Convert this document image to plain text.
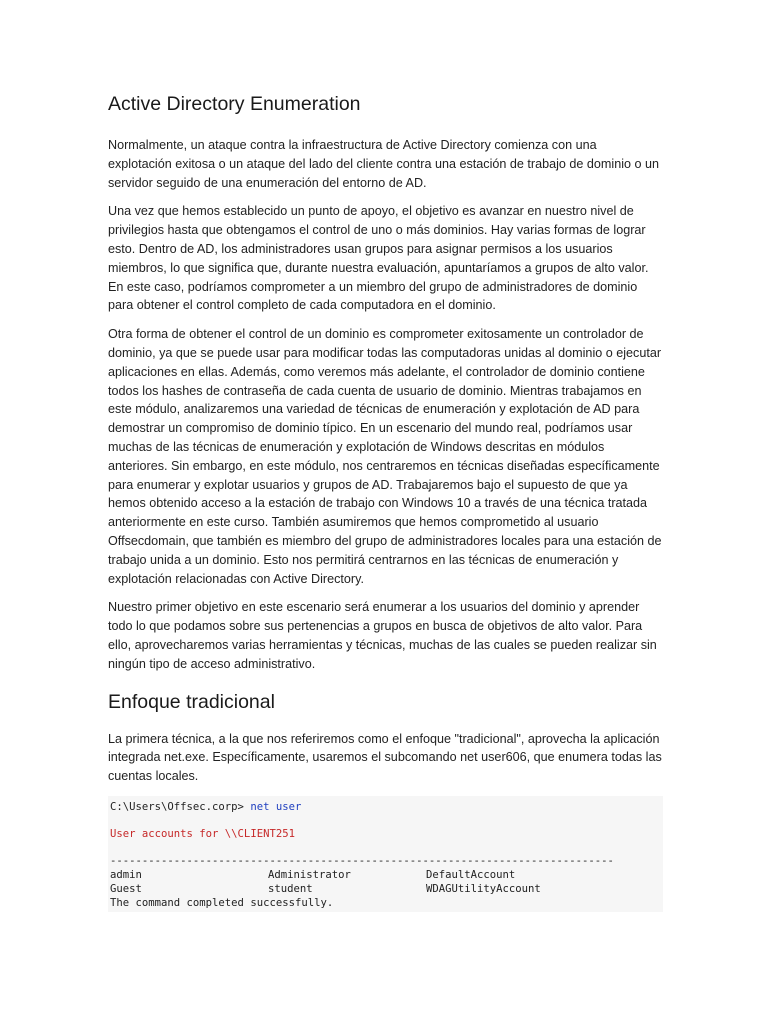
Active Directory Enumeration

Normalmente, un ataque contra la infraestructura de Active Directory comienza con una explotación exitosa o un ataque del lado del cliente contra una estación de trabajo de dominio o un servidor seguido de una enumeración del entorno de AD.

Una vez que hemos establecido un punto de apoyo, el objetivo es avanzar en nuestro nivel de privilegios hasta que obtengamos el control de uno o más dominios. Hay varias formas de lograr esto. Dentro de AD, los administradores usan grupos para asignar permisos a los usuarios miembros, lo que significa que, durante nuestra evaluación, apuntaríamos a grupos de alto valor. En este caso, podríamos comprometer a un miembro del grupo de administradores de dominio para obtener el control completo de cada computadora en el dominio.

Otra forma de obtener el control de un dominio es comprometer exitosamente un controlador de dominio, ya que se puede usar para modificar todas las computadoras unidas al dominio o ejecutar aplicaciones en ellas. Además, como veremos más adelante, el controlador de dominio contiene todos los hashes de contraseña de cada cuenta de usuario de dominio. Mientras trabajamos en este módulo, analizaremos una variedad de técnicas de enumeración y explotación de AD para demostrar un compromiso de dominio típico. En un escenario del mundo real, podríamos usar muchas de las técnicas de enumeración y explotación de Windows descritas en módulos anteriores. Sin embargo, en este módulo, nos centraremos en técnicas diseñadas específicamente para enumerar y explotar usuarios y grupos de AD. Trabajaremos bajo el supuesto de que ya hemos obtenido acceso a la estación de trabajo con Windows 10 a través de una técnica tratada anteriormente en este curso. También asumiremos que hemos comprometido al usuario Offsecdomain, que también es miembro del grupo de administradores locales para una estación de trabajo unida a un dominio. Esto nos permitirá centrarnos en las técnicas de enumeración y explotación relacionadas con Active Directory.

Nuestro primer objetivo en este escenario será enumerar a los usuarios del dominio y aprender todo lo que podamos sobre sus pertenencias a grupos en busca de objetivos de alto valor. Para ello, aprovecharemos varias herramientas y técnicas, muchas de las cuales se pueden realizar sin ningún tipo de acceso administrativo.

Enfoque tradicional

La primera técnica, a la que nos referiremos como el enfoque "tradicional", aprovecha la aplicación integrada net.exe. Específicamente, usaremos el subcomando net user606, que enumera todas las cuentas locales.

C:\Users\Offsec.corp> net user
User accounts for \\CLIENT251
-------------------------------------------------------------------------------
admin	Administrator	DefaultAccount
Guest	student	WDAGUtilityAccount
The command completed successfully.
